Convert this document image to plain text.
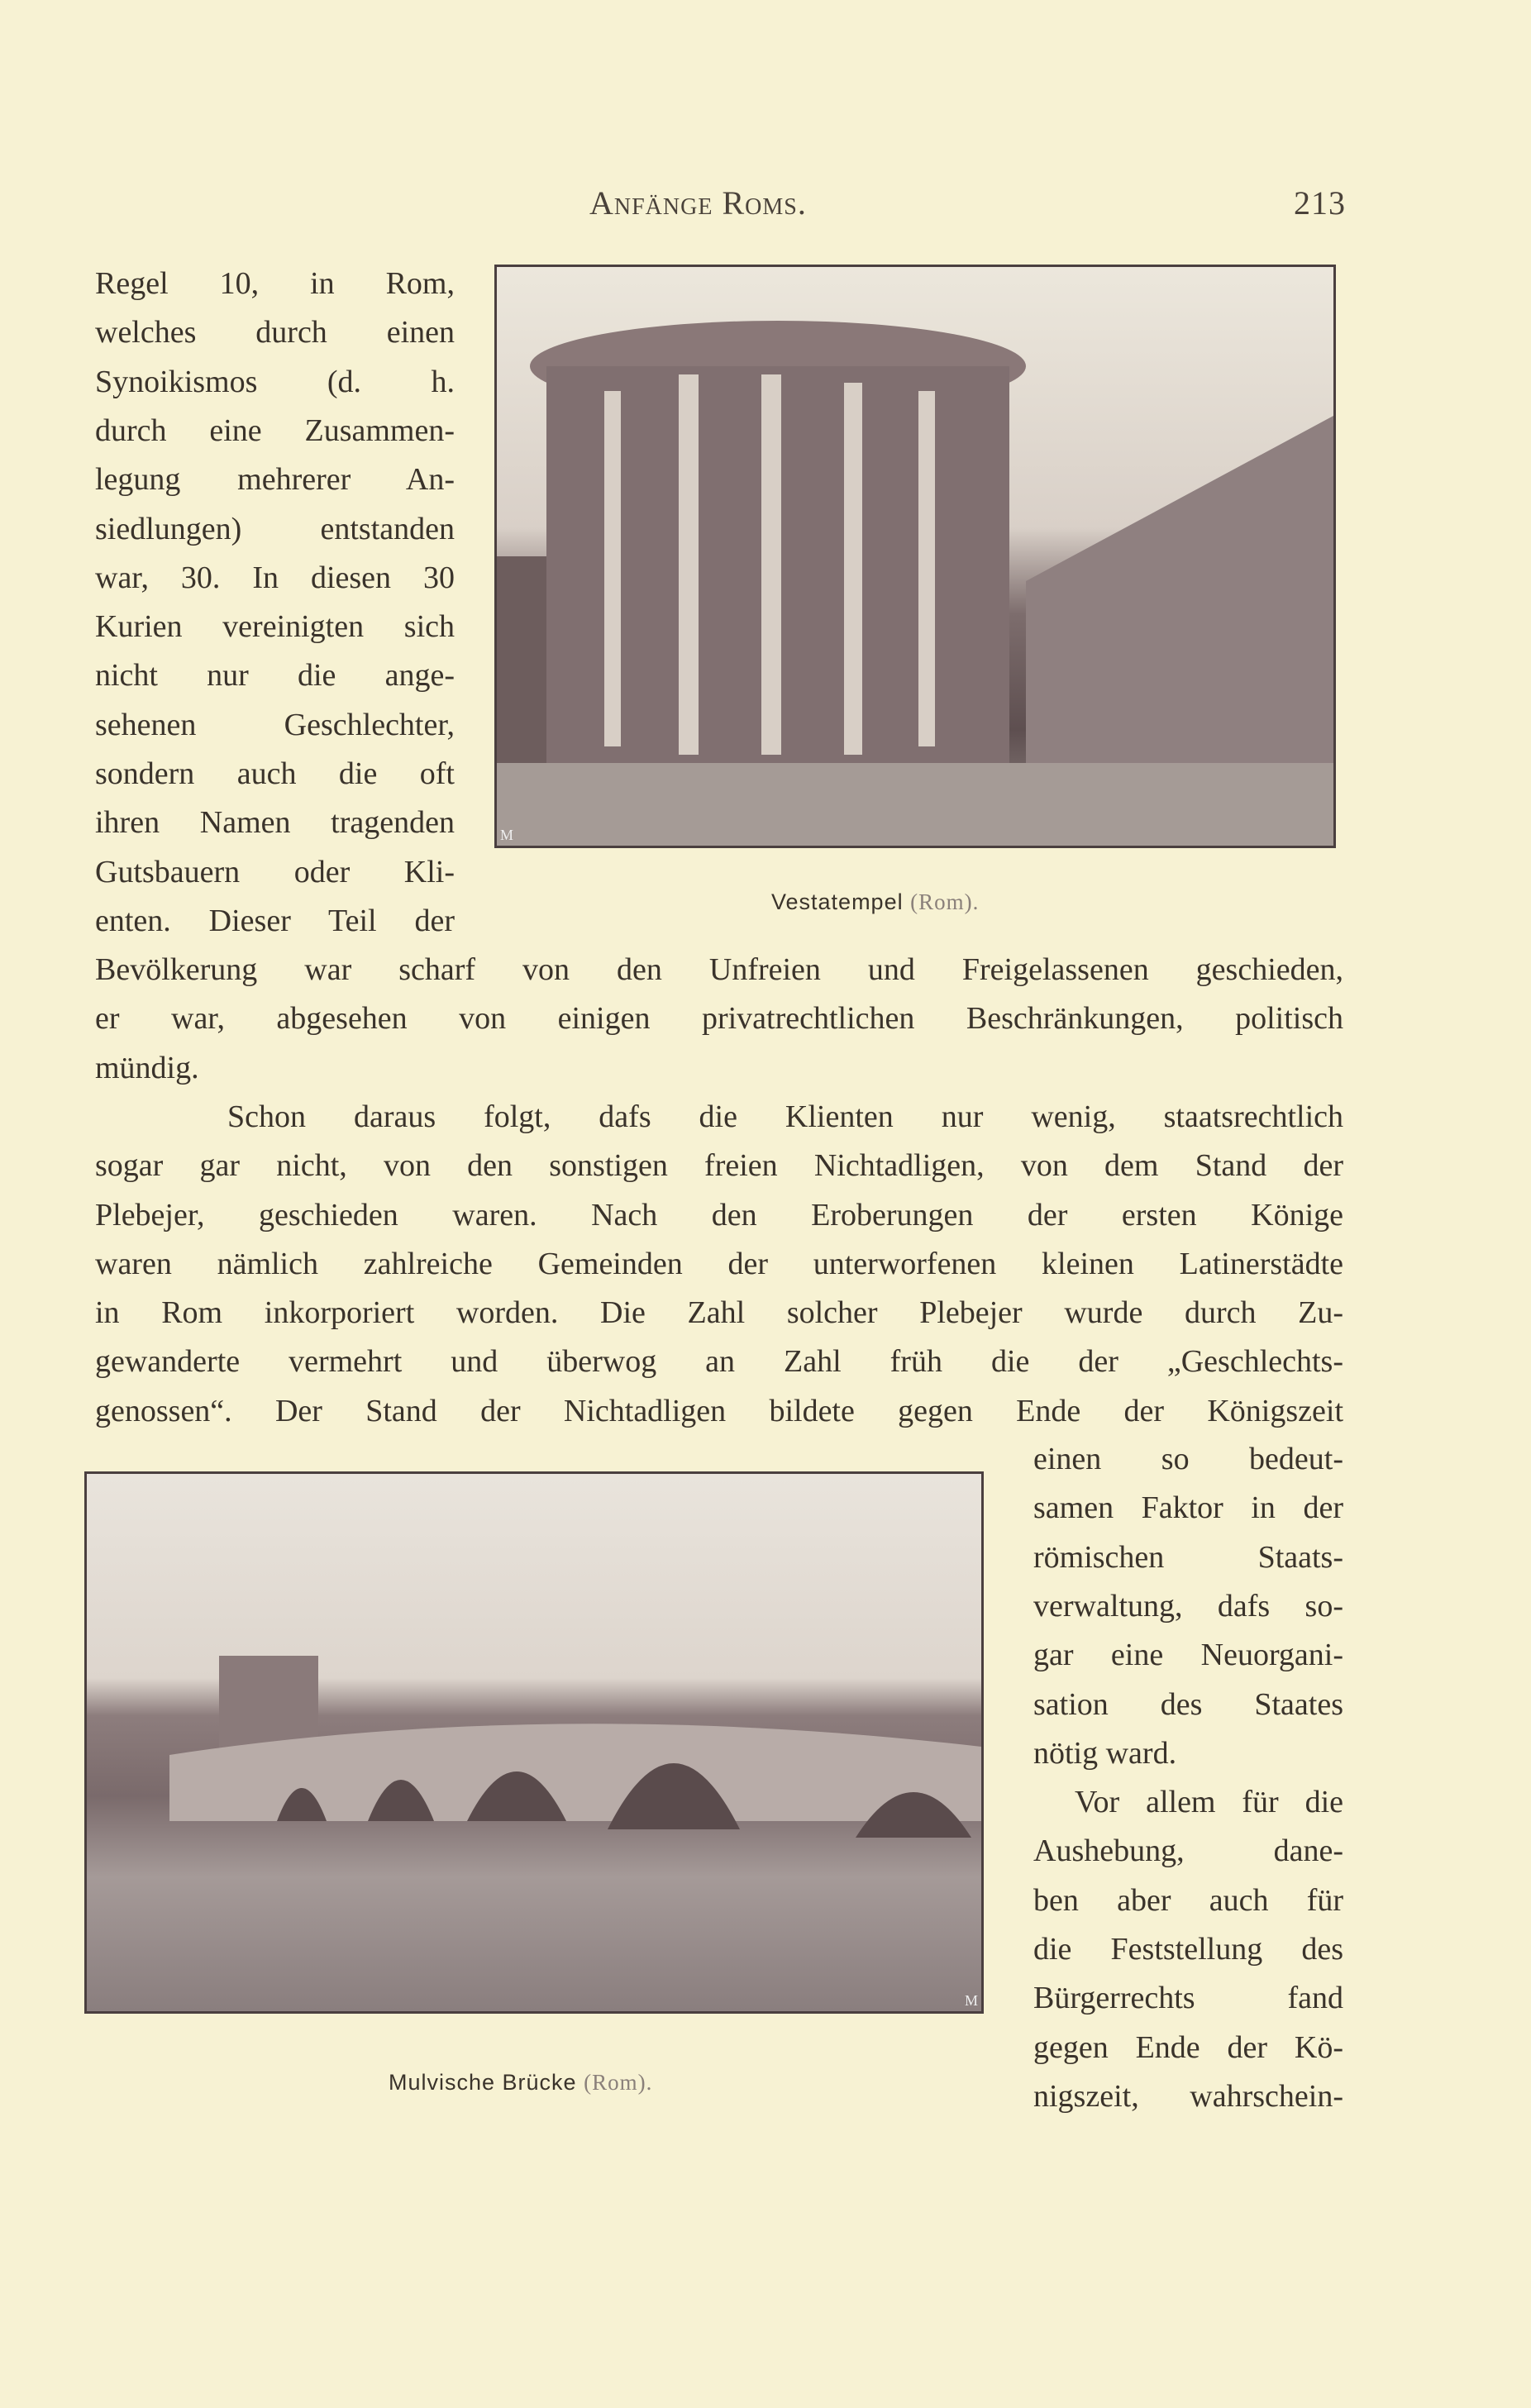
Anfänge Roms.	213
Regel 10, in Rom,
welches durch einen
Synoikismos (d. h.
durch eine Zusammen-
legung mehrerer An-
siedlungen) entstanden
war, 30. In diesen 30
Kurien vereinigten sich
nicht nur die ange-
sehenen Geschlechter,
sondern auch die oft
ihren Namen tragenden
Gutsbauern oder Kli-
enten. Dieser Teil der
M
Vestatempel (Rom).
Bevölkerung war scharf von den Unfreien und Freigelassenen geschieden,
er war, abgesehen von einigen privatrechtlichen Beschränkungen, politisch
mündig.
Schon daraus folgt, dafs die Klienten nur wenig, staatsrechtlich
sogar gar nicht, von den sonstigen freien Nichtadligen, von dem Stand der
Plebejer, geschieden waren. Nach den Eroberungen der ersten Könige
waren nämlich zahlreiche Gemeinden der unterworfenen kleinen Latinerstädte
in Rom inkorporiert worden. Die Zahl solcher Plebejer wurde durch Zu-
gewanderte vermehrt und überwog an Zahl früh die der „Geschlechts-
genossen“. Der Stand der Nichtadligen bildete gegen Ende der Königszeit
M
Mulvische Brücke (Rom).
einen so bedeut-
samen Faktor in der
römischen Staats-
verwaltung, dafs so-
gar eine Neuorgani-
sation des Staates
nötig ward.
Vor allem für die
Aushebung, dane-
ben aber auch für
die Feststellung des
Bürgerrechts fand
gegen Ende der Kö-
nigszeit, wahrschein-
